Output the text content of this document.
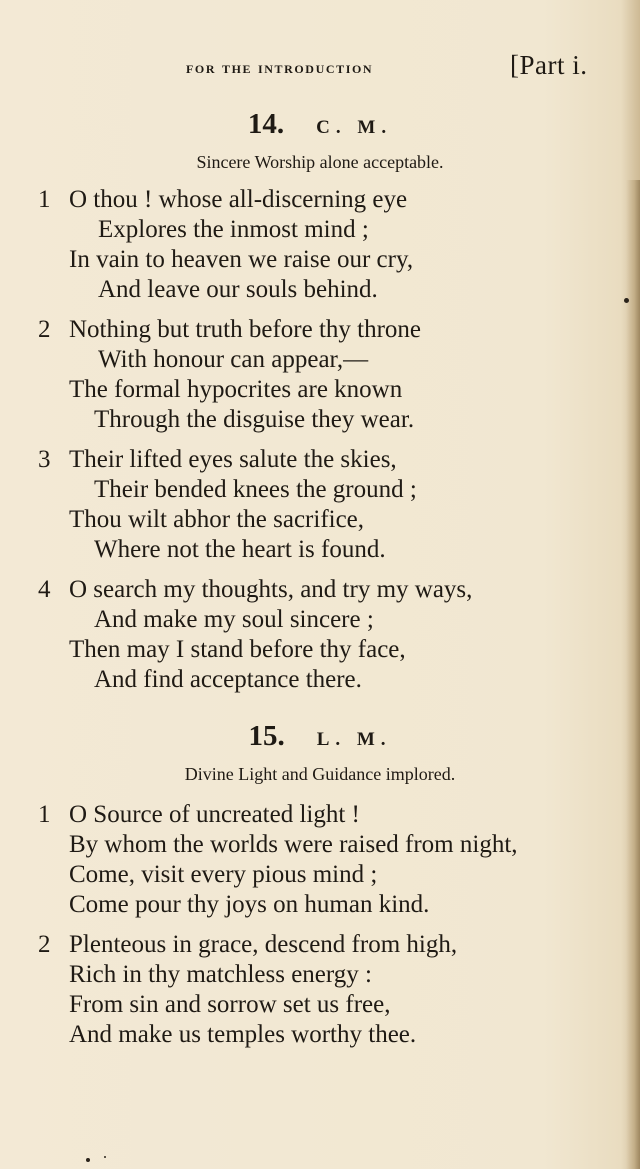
for the introduction	[Part i.
14. C. M.
Sincere Worship alone acceptable.
1 O thou ! whose all-discerning eye
Explores the inmost mind ;
In vain to heaven we raise our cry,
And leave our souls behind.
2 Nothing but truth before thy throne
With honour can appear,—
The formal hypocrites are known
Through the disguise they wear.
3 Their lifted eyes salute the skies,
Their bended knees the ground ;
Thou wilt abhor the sacrifice,
Where not the heart is found.
4 O search my thoughts, and try my ways,
And make my soul sincere ;
Then may I stand before thy face,
And find acceptance there.
15. L. M.
Divine Light and Guidance implored.
1 O Source of uncreated light !
By whom the worlds were raised from night,
Come, visit every pious mind ;
Come pour thy joys on human kind.
2 Plenteous in grace, descend from high,
Rich in thy matchless energy :
From sin and sorrow set us free,
And make us temples worthy thee.
